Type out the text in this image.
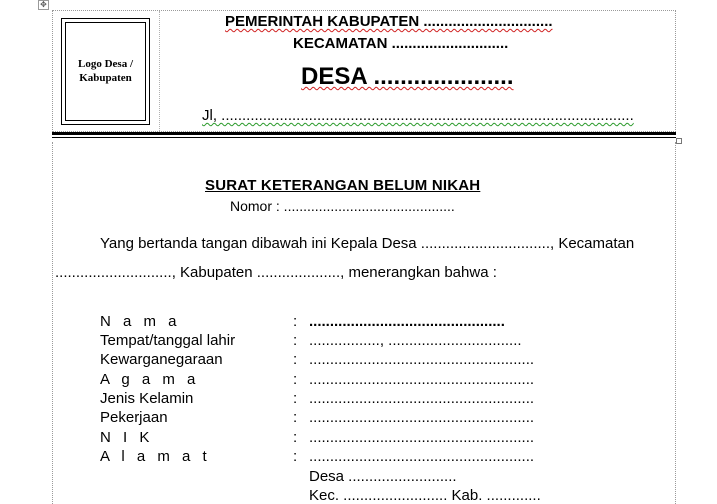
✥
Logo Desa /
Kabupaten
PEMERINTAH KABUPATEN ...............................
KECAMATAN ............................
DESA .....................
Jl, ...................................................................................................
SURAT KETERANGAN BELUM NIKAH
Nomor : ............................................
Yang bertanda tangan dibawah ini Kepala Desa ..............................., Kecamatan
............................, Kabupaten ...................., menerangkan bahwa :
N a m a	: ...............................................
Tempat/tanggal lahir	: ................., ................................
Kewarganegaraan	: ......................................................
A g a m a	: ......................................................
Jenis Kelamin	: ......................................................
Pekerjaan	: ......................................................
N I K	: ......................................................
A l a m a t	: ......................................................
Desa ..........................
Kec. ......................... Kab. .............
